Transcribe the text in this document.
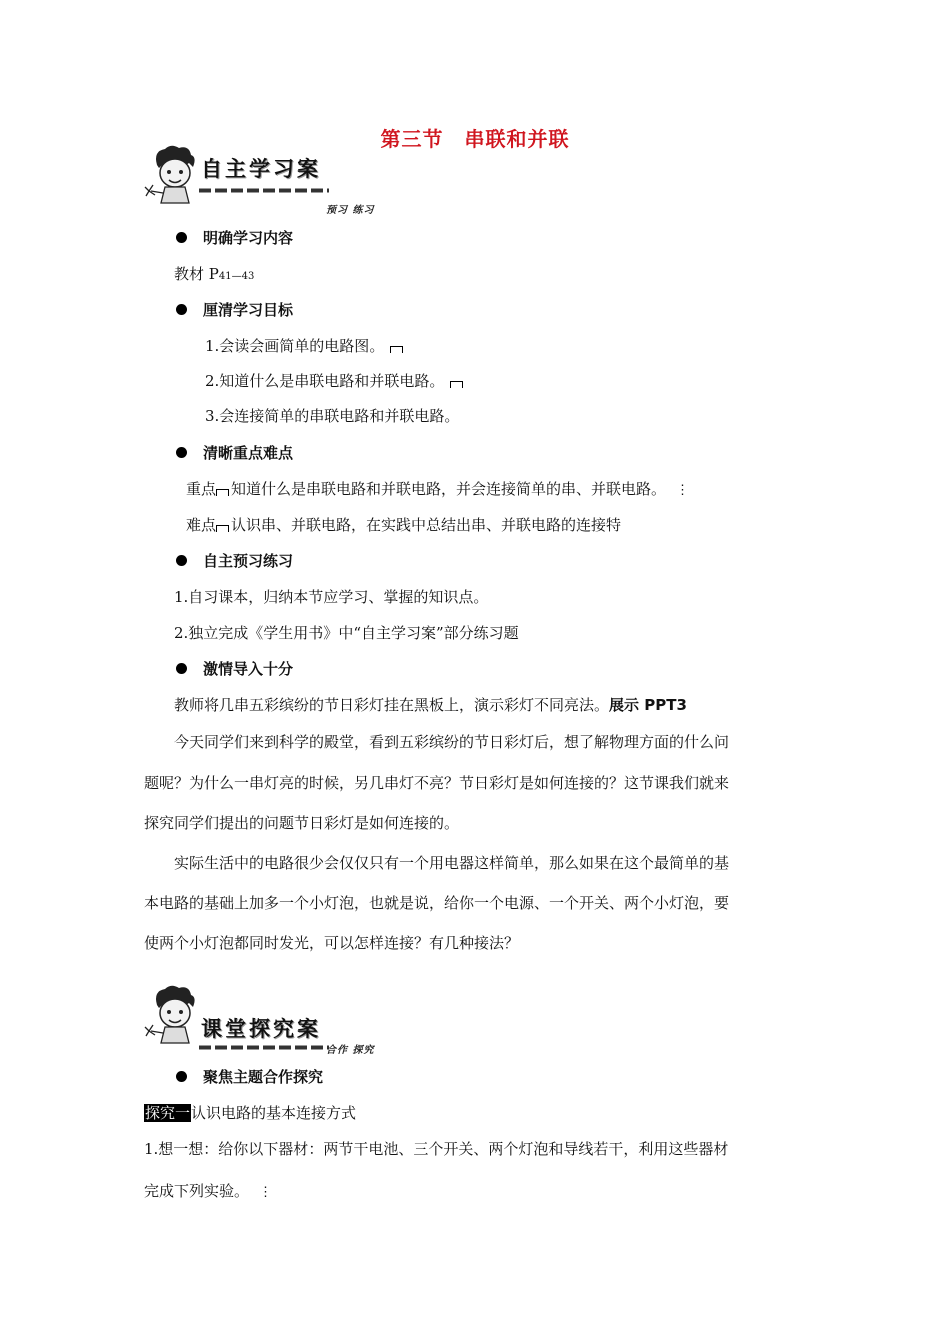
第三节　串联和并联
自主学习案
预习 练习
明确学习内容
教材 P41—43
厘清学习目标
1.会读会画简单的电路图。
2.知道什么是串联电路和并联电路。
3.会连接简单的串联电路和并联电路。
清晰重点难点
重点 知道什么是串联电路和并联电路，并会连接简单的串、并联电路。 ⋮
难点 认识串、并联电路，在实践中总结出串、并联电路的连接特
自主预习练习
1.自习课本，归纳本节应学习、掌握的知识点。
2.独立完成《学生用书》中“自主学习案”部分练习题
激情导入十分
教师将几串五彩缤纷的节日彩灯挂在黑板上，演示彩灯不同亮法。展示 PPT3
今天同学们来到科学的殿堂，看到五彩缤纷的节日彩灯后，想了解物理方面的什么问
题呢？为什么一串灯亮的时候，另几串灯不亮？节日彩灯是如何连接的？这节课我们就来
探究同学们提出的问题节日彩灯是如何连接的。
实际生活中的电路很少会仅仅只有一个用电器这样简单，那么如果在这个最简单的基
本电路的基础上加多一个小灯泡，也就是说，给你一个电源、一个开关、两个小灯泡，要
使两个小灯泡都同时发光，可以怎样连接？有几种接法？
课堂探究案
合作 探究
聚焦主题合作探究
探究一认识电路的基本连接方式
1.想一想：给你以下器材：两节干电池、三个开关、两个灯泡和导线若干，利用这些器材
完成下列实验。 ⋮
